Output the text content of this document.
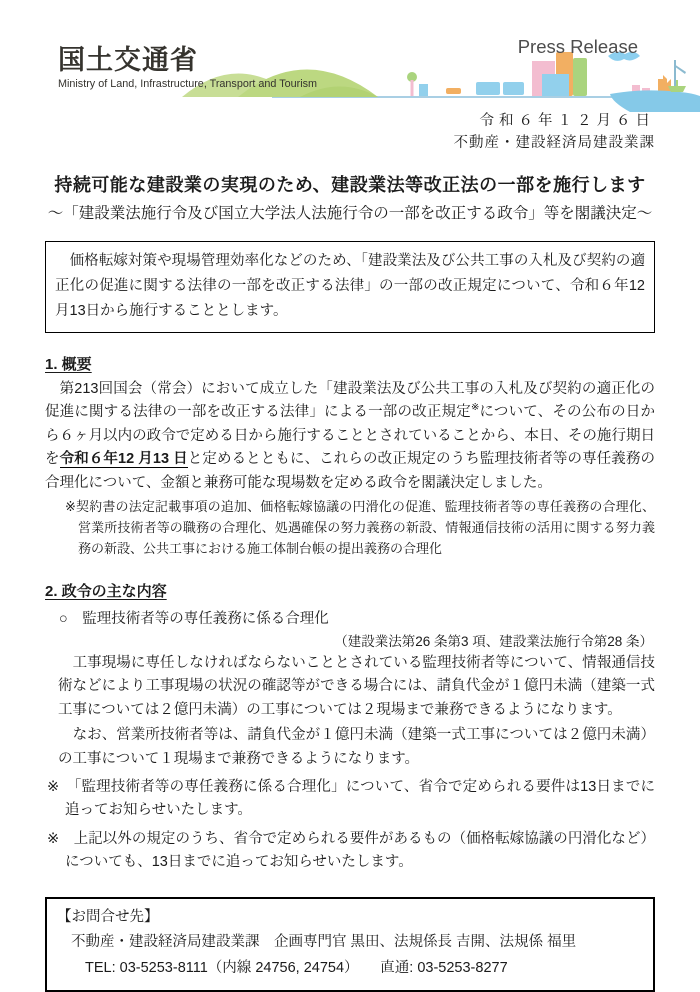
国土交通省
Ministry of Land, Infrastructure, Transport and Tourism
Press Release
令和６年１２月６日
不動産・建設経済局建設業課
持続可能な建設業の実現のため、建設業法等改正法の一部を施行します
～「建設業法施行令及び国立大学法人法施行令の一部を改正する政令」等を閣議決定～
　価格転嫁対策や現場管理効率化などのため、「建設業法及び公共工事の入札及び契約の適正化の促進に関する法律の一部を改正する法律」の一部の改正規定について、令和６年12月13日から施行することとします。
1. 概要

　第213回国会（常会）において成立した「建設業法及び公共工事の入札及び契約の適正化の促進に関する法律の一部を改正する法律」による一部の改正規定※について、その公布の日から６ヶ月以内の政令で定める日から施行することとされていることから、本日、その施行期日を令和６年12 月13 日と定めるとともに、これらの改正規定のうち監理技術者等の専任義務の合理化について、金額と兼務可能な現場数を定める政令を閣議決定しました。

※契約書の法定記載事項の追加、価格転嫁協議の円滑化の促進、監理技術者等の専任義務の合理化、営業所技術者等の職務の合理化、処遇確保の努力義務の新設、情報通信技術の活用に関する努力義務の新設、公共工事における施工体制台帳の提出義務の合理化

2. 政令の主な内容
○　監理技術者等の専任義務に係る合理化
（建設業法第26 条第3 項、建設業法施行令第28 条）

　工事現場に専任しなければならないこととされている監理技術者等について、情報通信技術などにより工事現場の状況の確認等ができる場合には、請負代金が１億円未満（建築一式工事については２億円未満）の工事については２現場まで兼務できるようになります。

　なお、営業所技術者等は、請負代金が１億円未満（建築一式工事については２億円未満）の工事について１現場まで兼務できるようになります。

※　「監理技術者等の専任義務に係る合理化」について、省令で定められる要件は13日までに追ってお知らせいたします。

※　上記以外の規定のうち、省令で定められる要件があるもの（価格転嫁協議の円滑化など）についても、13日までに追ってお知らせいたします。

【お問合せ先】
不動産・建設経済局建設業課　企画専門官 黒田、法規係長 吉開、法規係 福里
TEL: 03-5253-8111（内線 24756, 24754）　　直通: 03-5253-8277
